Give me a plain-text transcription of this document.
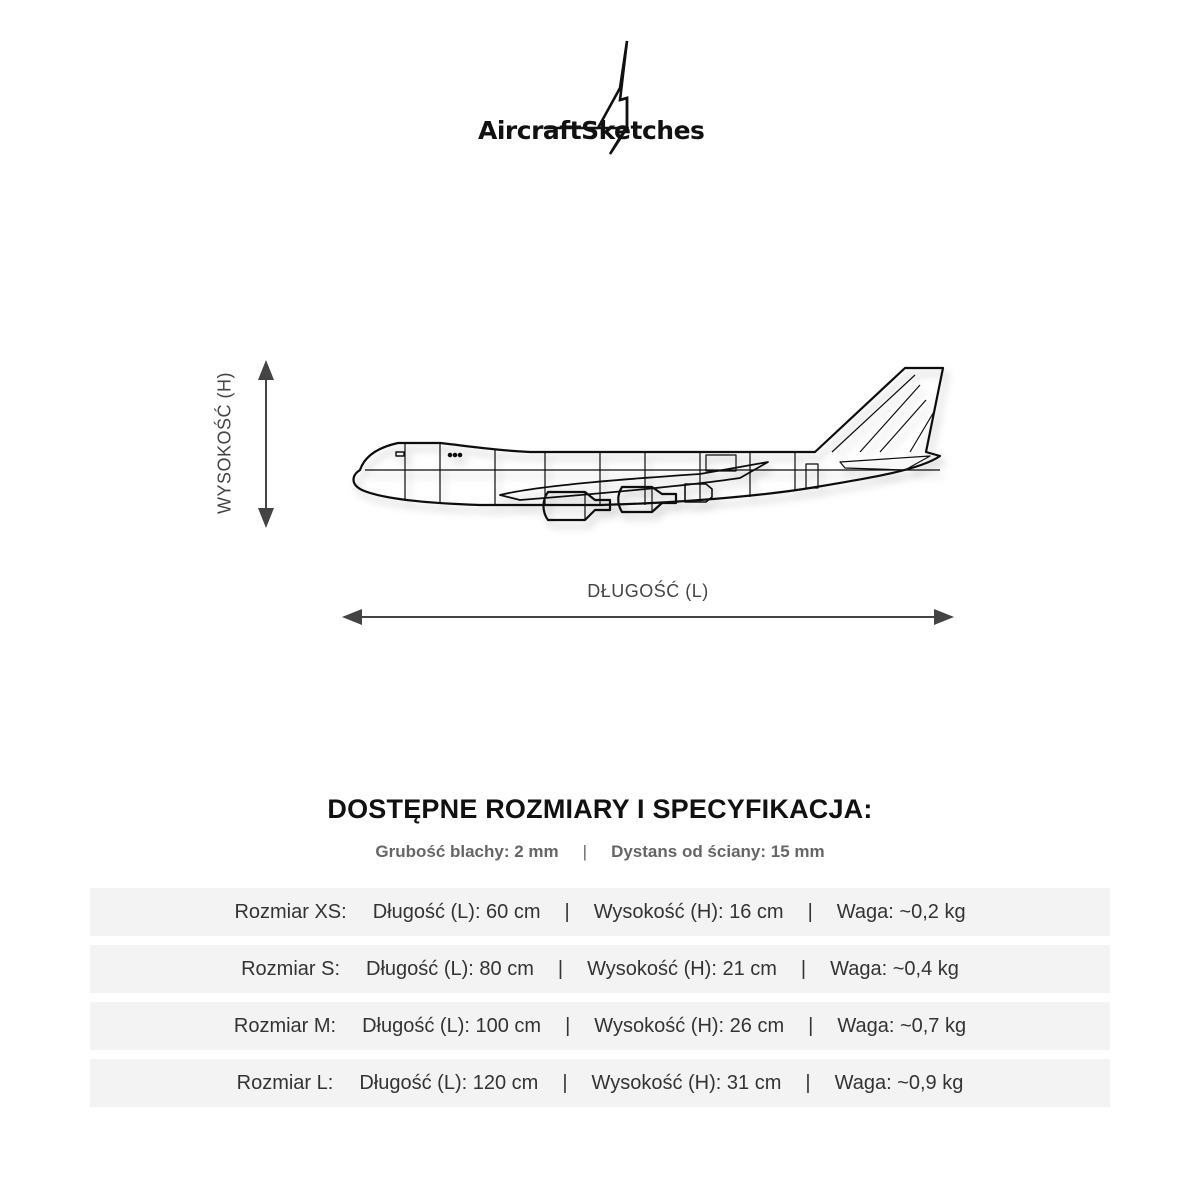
AircraftSketches
WYSOKOŚĆ (H)
DŁUGOŚĆ (L)
DOSTĘPNE ROZMIARY I SPECYFIKACJA:
Grubość blachy: 2 mm | Dystans od ściany: 15 mm
Rozmiar XS: Długość (L): 60 cm | Wysokość (H): 16 cm | Waga: ~0,2 kg
Rozmiar S: Długość (L): 80 cm | Wysokość (H): 21 cm | Waga: ~0,4 kg
Rozmiar M: Długość (L): 100 cm | Wysokość (H): 26 cm | Waga: ~0,7 kg
Rozmiar L: Długość (L): 120 cm | Wysokość (H): 31 cm | Waga: ~0,9 kg
